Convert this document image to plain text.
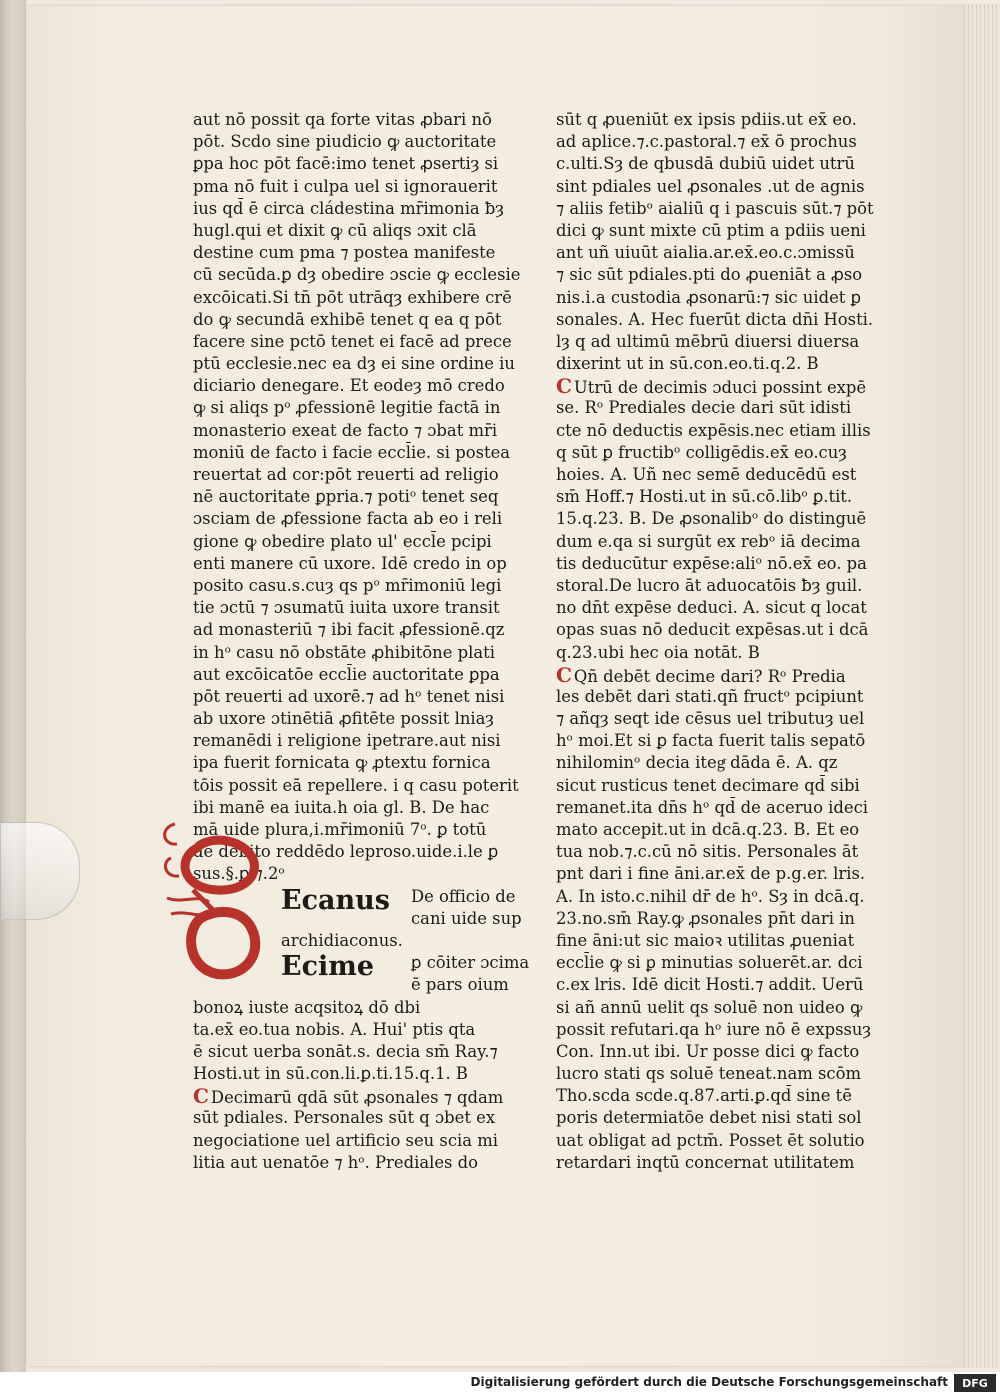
aut nō possit qa forte vitas ꝓbari nō
pōt. Scdo sine piudicio ꝙ auctoritate
ꝑpa hoc pōt facē:imo tenet ꝓsertiȝ si
pma nō fuit i culpa uel si ignorauerit
ius qd̄ ē circa cládestina mr̄imonia ƀȝ
hugl.qui et dixit ꝙ cū aliqs ɔxit clā
destine cum pma ⁊ postea manifeste
cū secūda.ꝑ dȝ obedire ɔscie ꝙ ecclesie
excōicati.Si tn̄ pōt utrāqȝ exhibere crē
do ꝙ secundā exhibē tenet q ea q pōt
facere sine pctō tenet ei facē ad prece
ptū ecclesie.nec ea dȝ ei sine ordine iu
diciario denegare. Et eodeȝ mō credo
ꝙ si aliqs pᵒ ꝓfessionē legitie factā in
monasterio exeat de facto ⁊ ɔbat mr̄i
moniū de facto i facie eccl̄ie. si postea
reuertat ad cor:pōt reuerti ad religio
nē auctoritate ꝑpria.⁊ potiᵒ tenet seq
ɔsciam de ꝓfessione facta ab eo i reli
gione ꝙ obedire plato ul' eccl̄e pcipi
enti manere cū uxore. Idē credo in op
posito casu.s.cuȝ qs pᵒ mr̄imoniū legi
tie ɔctū ⁊ ɔsumatū iuita uxore transit
ad monasteriū ⁊ ibi facit ꝓfessionē.qz
in hᵒ casu nō obstāte ꝓhibitōne plati
aut excōicatōe eccl̄ie auctoritate ꝑpa
pōt reuerti ad uxorē.⁊ ad hᵒ tenet nisi
ab uxore ɔtinētiā ꝓfitēte possit lniaȝ
remanēdi i religione ipetrare.aut nisi
ipa fuerit fornicata ꝙ ꝓtextu fornica
tōis possit eā repellere. i q casu poterit
ibi manē ea iuita.h oia gl. B. De hac
mā uide plura,i.mr̄imoniū 7ᵒ. ꝑ totū
de debito reddēdo leproso.uide.i.le ꝑ
sus.§.ꝑ.⁊.2ᵒ
Ecanus De officio de
cani uide sup
archidiaconus.
Ecime ꝑ cōiter ɔcima
ē pars oium
bonoꝝ iuste acqsitoꝝ dō dbi
ta.ex̄ eo.tua nobis. A. Hui' ptis qta
ē sicut uerba sonāt.s. decia sm̄ Ray.⁊
Hosti.ut in sū.con.li.ꝑ.ti.15.q.1. B
C Decimarū qdā sūt ꝓsonales ⁊ qdam
sūt pdiales. Personales sūt q ɔbet ex
negociatione uel artificio seu scia mi
litia aut uenatōe ⁊ hᵒ. Prediales do
sūt q ꝓueniūt ex ipsis pdiis.ut ex̄ eo.
ad aplice.⁊.c.pastoral.⁊ ex̄ ō prochus
c.ulti.Sȝ de qbusdā dubiū uidet utrū
sint pdiales uel ꝓsonales .ut de agnis
⁊ aliis fetibᵒ aialiū q i pascuis sūt.⁊ pōt
dici ꝙ sunt mixte cū ptim a pdiis ueni
ant uñ uiuūt aialia.ar.ex̄.eo.c.ɔmissū
⁊ sic sūt pdiales.pti do ꝓueniāt a ꝓso
nis.i.a custodia ꝓsonarū:⁊ sic uidet ꝑ
sonales. A. Hec fuerūt dicta dn̄i Hosti.
lȝ q ad ultimū mēbrū diuersi diuersa
dixerint ut in sū.con.eo.ti.q.2. B
C Utrū de decimis ɔduci possint expē
se. Rᵒ Prediales decie dari sūt idisti
cte nō deductis expēsis.nec etiam illis
q sūt ꝑ fructibᵒ colligēdis.ex̄ eo.cuȝ
hoies. A. Uñ nec semē deducēdū est
sm̄ Hoff.⁊ Hosti.ut in sū.cō.libᵒ ꝑ.tit.
15.q.23. B. De ꝓsonalibᵒ do distinguē
dum e.qa si surgūt ex rebᵒ iā decima
tis deducūtur expēse:aliᵒ nō.ex̄ eo. pa
storal.De lucro āt aduocatōis ƀȝ guil.
no dn̄t expēse deduci. A. sicut q locat
opas suas nō deducit expēsas.ut i dcā
q.23.ubi hec oia notāt. B
C Qñ debēt decime dari? Rᵒ Predia
les debēt dari stati.qñ fructᵒ pcipiunt
⁊ añqȝ seqt ide cēsus uel tributuȝ uel
hᵒ moi.Et si ꝑ facta fuerit talis sepatō
nihilominᵒ decia itegͬ dāda ē. A. qz
sicut rusticus tenet decimare qd̄ sibi
remanet.ita dn̄s hᵒ qd̄ de aceruo ideci
mato accepit.ut in dcā.q.23. B. Et eo
tua nob.⁊.c.cū nō sitis. Personales āt
pnt dari i fine āni.ar.ex̄ de p.g.er. lris.
A. In isto.c.nihil dr̄ de hᵒ. Sȝ in dcā.q.
23.no.sm̄ Ray.ꝙ ꝓsonales pn̄t dari in
fine āni:ut sic maioꝛ utilitas ꝓueniat
eccl̄ie ꝙ si ꝑ minutias soluerēt.ar. dci
c.ex lris. Idē dicit Hosti.⁊ addit. Uerū
si añ annū uelit qs soluē non uideo ꝙ
possit refutari.qa hᵒ iure nō ē expssuȝ
Con. Inn.ut ibi. Ur posse dici ꝙ facto
lucro stati qs soluē teneat.nam scōm
Tho.scda scde.q.87.arti.ꝑ.qd̄ sine tē
poris determiatōe debet nisi stati sol
uat obligat ad pctm̄. Posset ēt solutio
retardari inqtū concernat utilitatem
Digitalisierung gefördert durch die Deutsche Forschungsgemeinschaft	DFG
